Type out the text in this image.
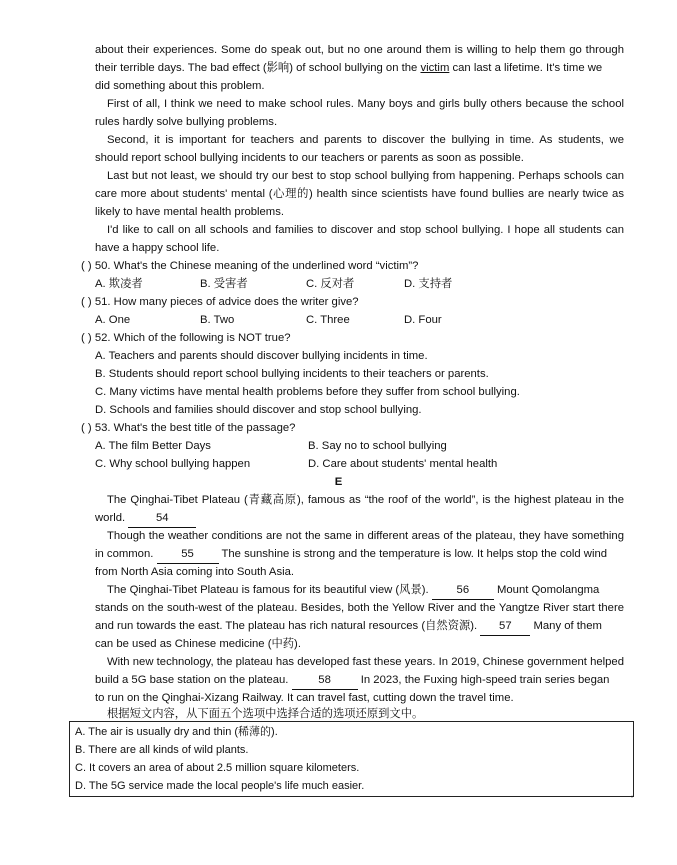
about their experiences. Some do speak out, but no one around them is willing to help them go through
their terrible days. The bad effect (影响) of school bullying on the victim can last a lifetime. It's time we
did something about this problem.
First of all, I think we need to make school rules. Many boys and girls bully others because the school
rules hardly solve bullying problems.
Second, it is important for teachers and parents to discover the bullying in time. As students, we
should report school bullying incidents to our teachers or parents as soon as possible.
Last but not least, we should try our best to stop school bullying from happening. Perhaps schools can
care more about students' mental (心理的) health since scientists have found bullies are nearly twice as
likely to have mental health problems.
I'd like to call on all schools and families to discover and stop school bullying. I hope all students can
have a happy school life.
( ) 50. What's the Chinese meaning of the underlined word “victim”?
A. 欺凌者	B. 受害者	C. 反对者	D. 支持者
( ) 51. How many pieces of advice does the writer give?
A. One	B. Two	C. Three	D. Four
( ) 52. Which of the following is NOT true?
A. Teachers and parents should discover bullying incidents in time.
B. Students should report school bullying incidents to their teachers or parents.
C. Many victims have mental health problems before they suffer from school bullying.
D. Schools and families should discover and stop school bullying.
( ) 53. What's the best title of the passage?
A. The film Better Days	B. Say no to school bullying
C. Why school bullying happen	D. Care about students' mental health
E
The Qinghai-Tibet Plateau (青藏高原), famous as “the roof of the world”, is the highest plateau in the
world.	54
Though the weather conditions are not the same in different areas of the plateau, they have something
in common. 55 The sunshine is strong and the temperature is low. It helps stop the cold wind
from North Asia coming into South Asia.
The Qinghai-Tibet Plateau is famous for its beautiful view (风景). 56 Mount Qomolangma
stands on the south-west of the plateau. Besides, both the Yellow River and the Yangtze River start there
and run towards the east. The plateau has rich natural resources (自然资源). 57 Many of them
can be used as Chinese medicine (中药).
With new technology, the plateau has developed fast these years. In 2019, Chinese government helped
build a 5G base station on the plateau.	58	In 2023, the Fuxing high-speed train series began
to run on the Qinghai-Xizang Railway. It can travel fast, cutting down the travel time.
根据短文内容，从下面五个选项中选择合适的选项还原到文中。
A. The air is usually dry and thin (稀薄的).
B. There are all kinds of wild plants.
C. It covers an area of about 2.5 million square kilometers.
D. The 5G service made the local people's life much easier.
‘
